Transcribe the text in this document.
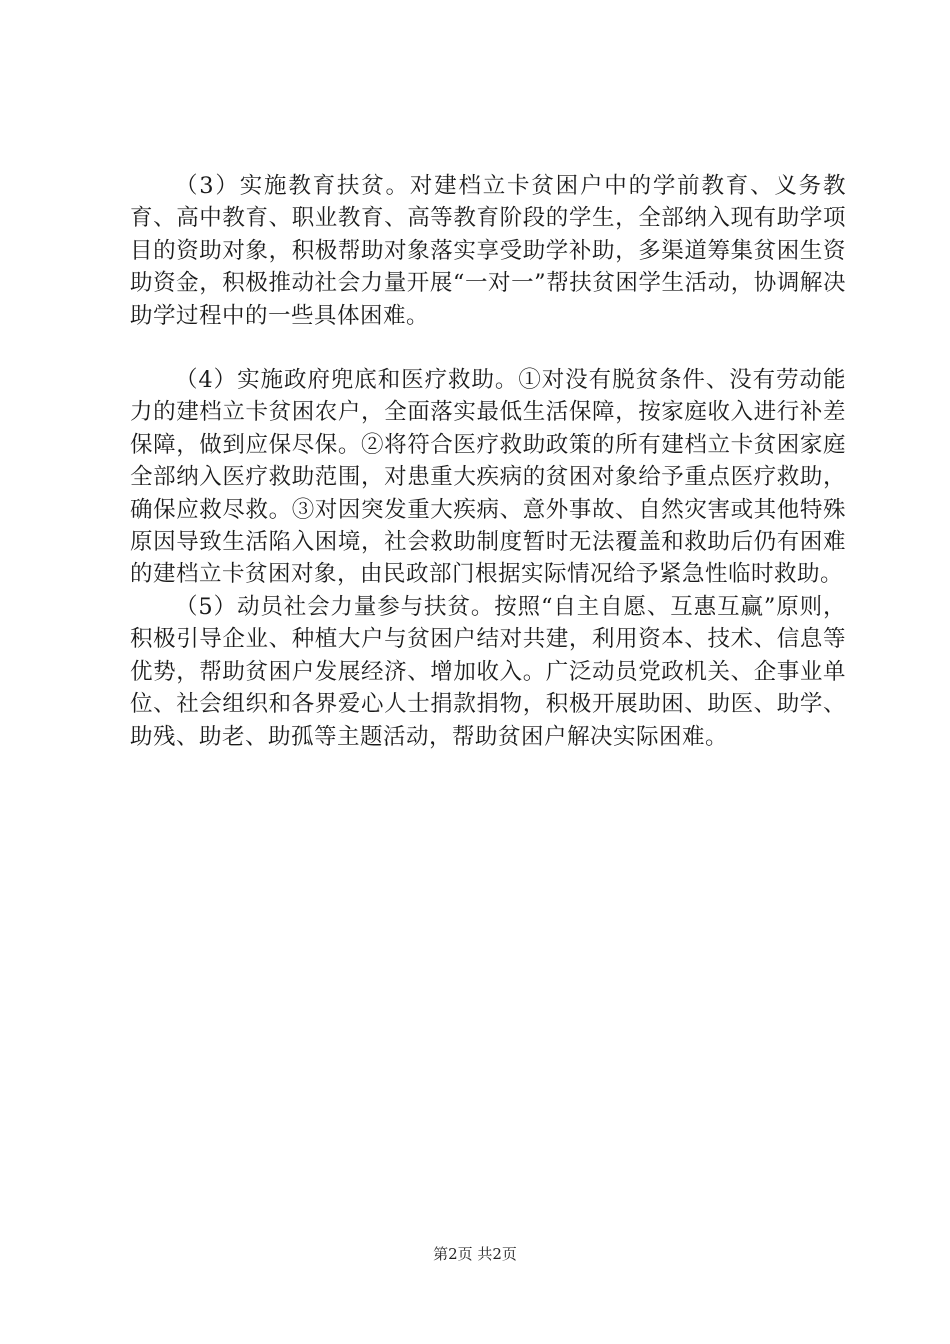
（3）实施教育扶贫。对建档立卡贫困户中的学前教育、义务教育、高中教育、职业教育、高等教育阶段的学生，全部纳入现有助学项目的资助对象，积极帮助对象落实享受助学补助，多渠道筹集贫困生资助资金，积极推动社会力量开展“一对一”帮扶贫困学生活动，协调解决助学过程中的一些具体困难。

（4）实施政府兜底和医疗救助。①对没有脱贫条件、没有劳动能力的建档立卡贫困农户，全面落实最低生活保障，按家庭收入进行补差保障，做到应保尽保。②将符合医疗救助政策的所有建档立卡贫困家庭全部纳入医疗救助范围，对患重大疾病的贫困对象给予重点医疗救助，确保应救尽救。③对因突发重大疾病、意外事故、自然灾害或其他特殊原因导致生活陷入困境，社会救助制度暂时无法覆盖和救助后仍有困难的建档立卡贫困对象，由民政部门根据实际情况给予紧急性临时救助。

（5）动员社会力量参与扶贫。按照“自主自愿、互惠互赢”原则，积极引导企业、种植大户与贫困户结对共建，利用资本、技术、信息等优势，帮助贫困户发展经济、增加收入。广泛动员党政机关、企事业单位、社会组织和各界爱心人士捐款捐物，积极开展助困、助医、助学、助残、助老、助孤等主题活动，帮助贫困户解决实际困难。

第2页 共2页
